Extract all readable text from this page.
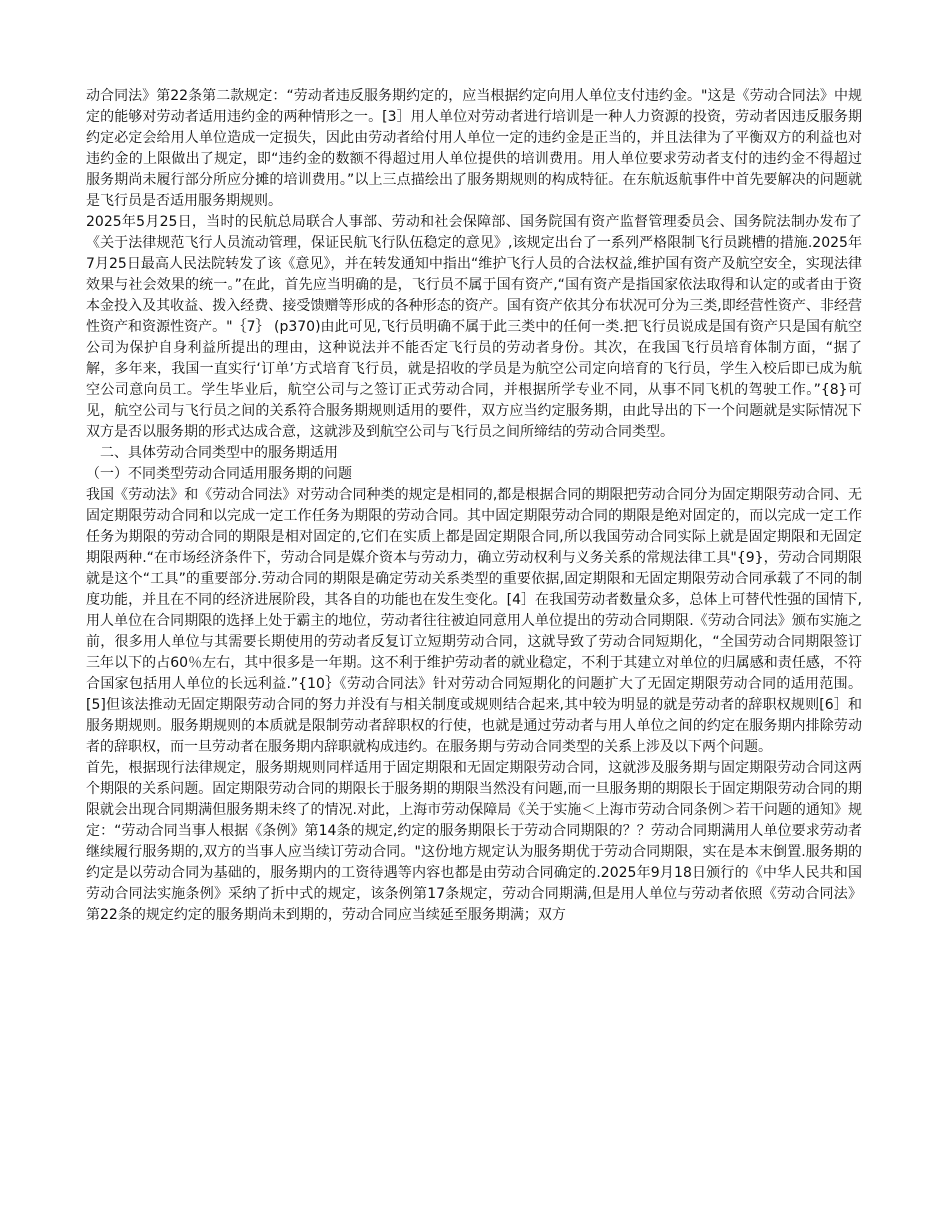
动合同法》第22条第二款规定：“劳动者违反服务期约定的，应当根据约定向用人单位支付违约金。"这是《劳动合同法》中规定的能够对劳动者适用违约金的两种情形之一。[3］用人单位对劳动者进行培训是一种人力资源的投资，劳动者因违反服务期约定必定会给用人单位造成一定损失，因此由劳动者给付用人单位一定的违约金是正当的，并且法律为了平衡双方的利益也对违约金的上限做出了规定，即“违约金的数额不得超过用人单位提供的培训费用。用人单位要求劳动者支付的违约金不得超过服务期尚未履行部分所应分摊的培训费用。”以上三点描绘出了服务期规则的构成特征。在东航返航事件中首先要解决的问题就是飞行员是否适用服务期规则。

2025年5月25日，当时的民航总局联合人事部、劳动和社会保障部、国务院国有资产监督管理委员会、国务院法制办发布了《关于法律规范飞行人员流动管理，保证民航飞行队伍稳定的意见》,该规定出台了一系列严格限制飞行员跳槽的措施.2025年7月25日最高人民法院转发了该《意见》，并在转发通知中指出“维护飞行人员的合法权益,维护国有资产及航空安全，实现法律效果与社会效果的统一。”在此，首先应当明确的是，飞行员不属于国有资产,“国有资产是指国家依法取得和认定的或者由于资本金投入及其收益、拨入经费、接受馈赠等形成的各种形态的资产。国有资产依其分布状况可分为三类,即经营性资产、非经营性资产和资源性资产。"｛7｝ (p370)由此可见,飞行员明确不属于此三类中的任何一类.把飞行员说成是国有资产只是国有航空公司为保护自身利益所提出的理由，这种说法并不能否定飞行员的劳动者身份。其次，在我国飞行员培育体制方面，“据了解，多年来，我国一直实行‘订单’方式培育飞行员，就是招收的学员是为航空公司定向培育的飞行员，学生入校后即已成为航空公司意向员工。学生毕业后，航空公司与之签订正式劳动合同，并根据所学专业不同，从事不同飞机的驾驶工作。”{8}可见，航空公司与飞行员之间的关系符合服务期规则适用的要件，双方应当约定服务期，由此导出的下一个问题就是实际情况下双方是否以服务期的形式达成合意，这就涉及到航空公司与飞行员之间所缔结的劳动合同类型。

二、具体劳动合同类型中的服务期适用

（一）不同类型劳动合同适用服务期的问题

我国《劳动法》和《劳动合同法》对劳动合同种类的规定是相同的,都是根据合同的期限把劳动合同分为固定期限劳动合同、无固定期限劳动合同和以完成一定工作任务为期限的劳动合同。其中固定期限劳动合同的期限是绝对固定的，而以完成一定工作任务为期限的劳动合同的期限是相对固定的,它们在实质上都是固定期限合同,所以我国劳动合同实际上就是固定期限和无固定期限两种.“在市场经济条件下，劳动合同是媒介资本与劳动力，确立劳动权利与义务关系的常规法律工具"{9}，劳动合同期限就是这个“工具”的重要部分.劳动合同的期限是确定劳动关系类型的重要依据,固定期限和无固定期限劳动合同承载了不同的制度功能，并且在不同的经济进展阶段，其各自的功能也在发生变化。[4］在我国劳动者数量众多，总体上可替代性强的国情下,用人单位在合同期限的选择上处于霸主的地位，劳动者往往被迫同意用人单位提出的劳动合同期限.《劳动合同法》颁布实施之前，很多用人单位与其需要长期使用的劳动者反复订立短期劳动合同，这就导致了劳动合同短期化，“全国劳动合同期限签订三年以下的占60％左右，其中很多是一年期。这不利于维护劳动者的就业稳定，不利于其建立对单位的归属感和责任感，不符合国家包括用人单位的长远利益.”{10｝《劳动合同法》针对劳动合同短期化的问题扩大了无固定期限劳动合同的适用范围。[5]但该法推动无固定期限劳动合同的努力并没有与相关制度或规则结合起来,其中较为明显的就是劳动者的辞职权规则[6］和服务期规则。服务期规则的本质就是限制劳动者辞职权的行使，也就是通过劳动者与用人单位之间的约定在服务期内排除劳动者的辞职权，而一旦劳动者在服务期内辞职就构成违约。在服务期与劳动合同类型的关系上涉及以下两个问题。

首先，根据现行法律规定，服务期规则同样适用于固定期限和无固定期限劳动合同，这就涉及服务期与固定期限劳动合同这两个期限的关系问题。固定期限劳动合同的期限长于服务期的期限当然没有问题,而一旦服务期的期限长于固定期限劳动合同的期限就会出现合同期满但服务期未终了的情况.对此，上海市劳动保障局《关于实施＜上海市劳动合同条例＞若干问题的通知》规定：“劳动合同当事人根据《条例》第14条的规定,约定的服务期限长于劳动合同期限的？？劳动合同期满用人单位要求劳动者继续履行服务期的,双方的当事人应当续订劳动合同。"这份地方规定认为服务期优于劳动合同期限，实在是本末倒置.服务期的约定是以劳动合同为基础的，服务期内的工资待遇等内容也都是由劳动合同确定的.2025年9月18日颁行的《中华人民共和国劳动合同法实施条例》采纳了折中式的规定，该条例第17条规定，劳动合同期满,但是用人单位与劳动者依照《劳动合同法》第22条的规定约定的服务期尚未到期的，劳动合同应当续延至服务期满；双方
